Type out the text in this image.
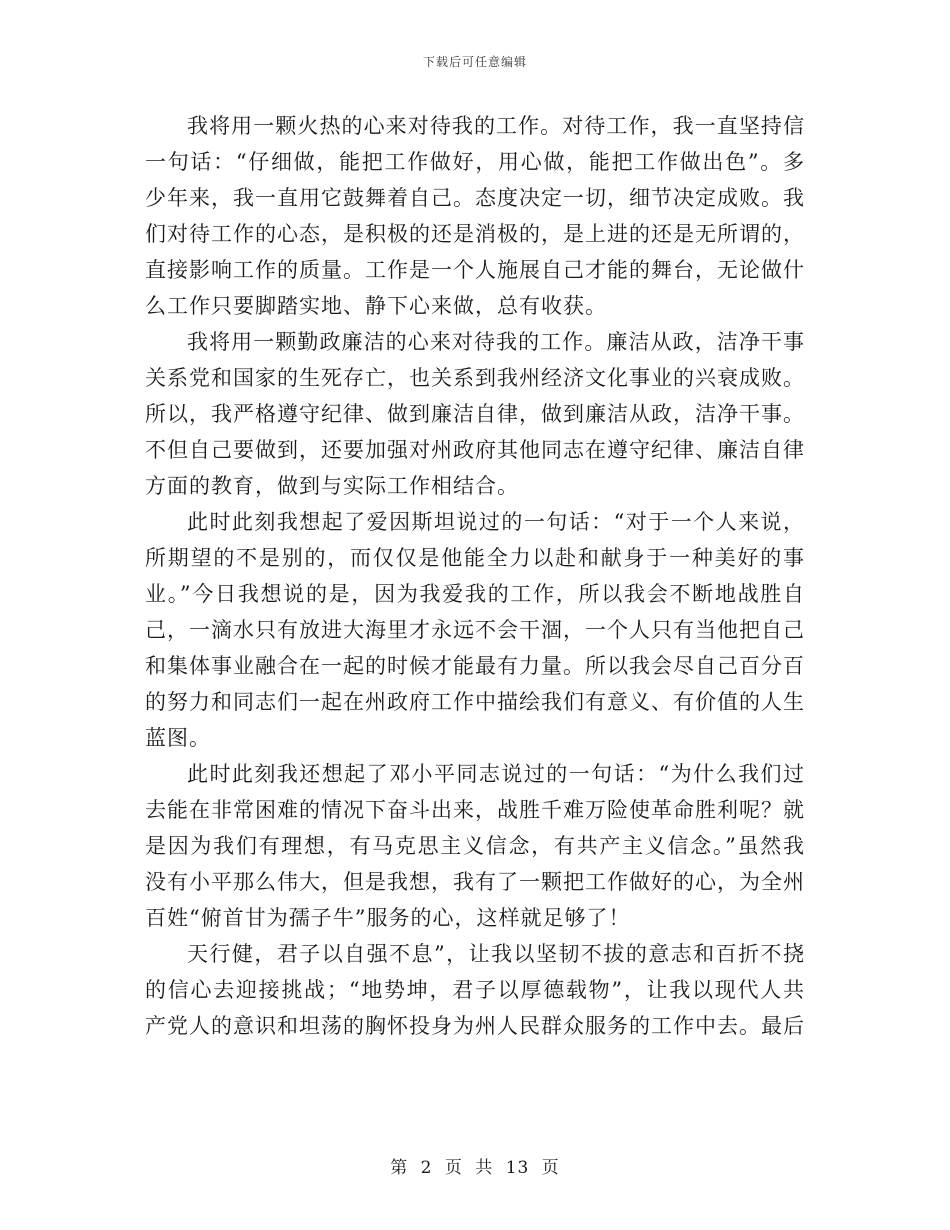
下载后可任意编辑

我将用一颗火热的心来对待我的工作。对待工作，我一直坚持信一句话：“仔细做，能把工作做好，用心做，能把工作做出色”。多少年来，我一直用它鼓舞着自己。态度决定一切，细节决定成败。我们对待工作的心态，是积极的还是消极的，是上进的还是无所谓的，直接影响工作的质量。工作是一个人施展自己才能的舞台，无论做什么工作只要脚踏实地、静下心来做，总有收获。

我将用一颗勤政廉洁的心来对待我的工作。廉洁从政，洁净干事关系党和国家的生死存亡，也关系到我州经济文化事业的兴衰成败。所以，我严格遵守纪律、做到廉洁自律，做到廉洁从政，洁净干事。不但自己要做到，还要加强对州政府其他同志在遵守纪律、廉洁自律方面的教育，做到与实际工作相结合。

此时此刻我想起了爱因斯坦说过的一句话：“对于一个人来说，所期望的不是别的，而仅仅是他能全力以赴和献身于一种美好的事业。”今日我想说的是，因为我爱我的工作，所以我会不断地战胜自己，一滴水只有放进大海里才永远不会干涸，一个人只有当他把自己和集体事业融合在一起的时候才能最有力量。所以我会尽自己百分百的努力和同志们一起在州政府工作中描绘我们有意义、有价值的人生蓝图。

此时此刻我还想起了邓小平同志说过的一句话：“为什么我们过去能在非常困难的情况下奋斗出来，战胜千难万险使革命胜利呢？就是因为我们有理想，有马克思主义信念，有共产主义信念。”虽然我没有小平那么伟大，但是我想，我有了一颗把工作做好的心，为全州百姓“俯首甘为孺子牛”服务的心，这样就足够了！

天行健，君子以自强不息”，让我以坚韧不拔的意志和百折不挠的信心去迎接挑战；“地势坤，君子以厚德载物”，让我以现代人共产党人的意识和坦荡的胸怀投身为州人民群众服务的工作中去。最后

第 2 页 共 13 页
